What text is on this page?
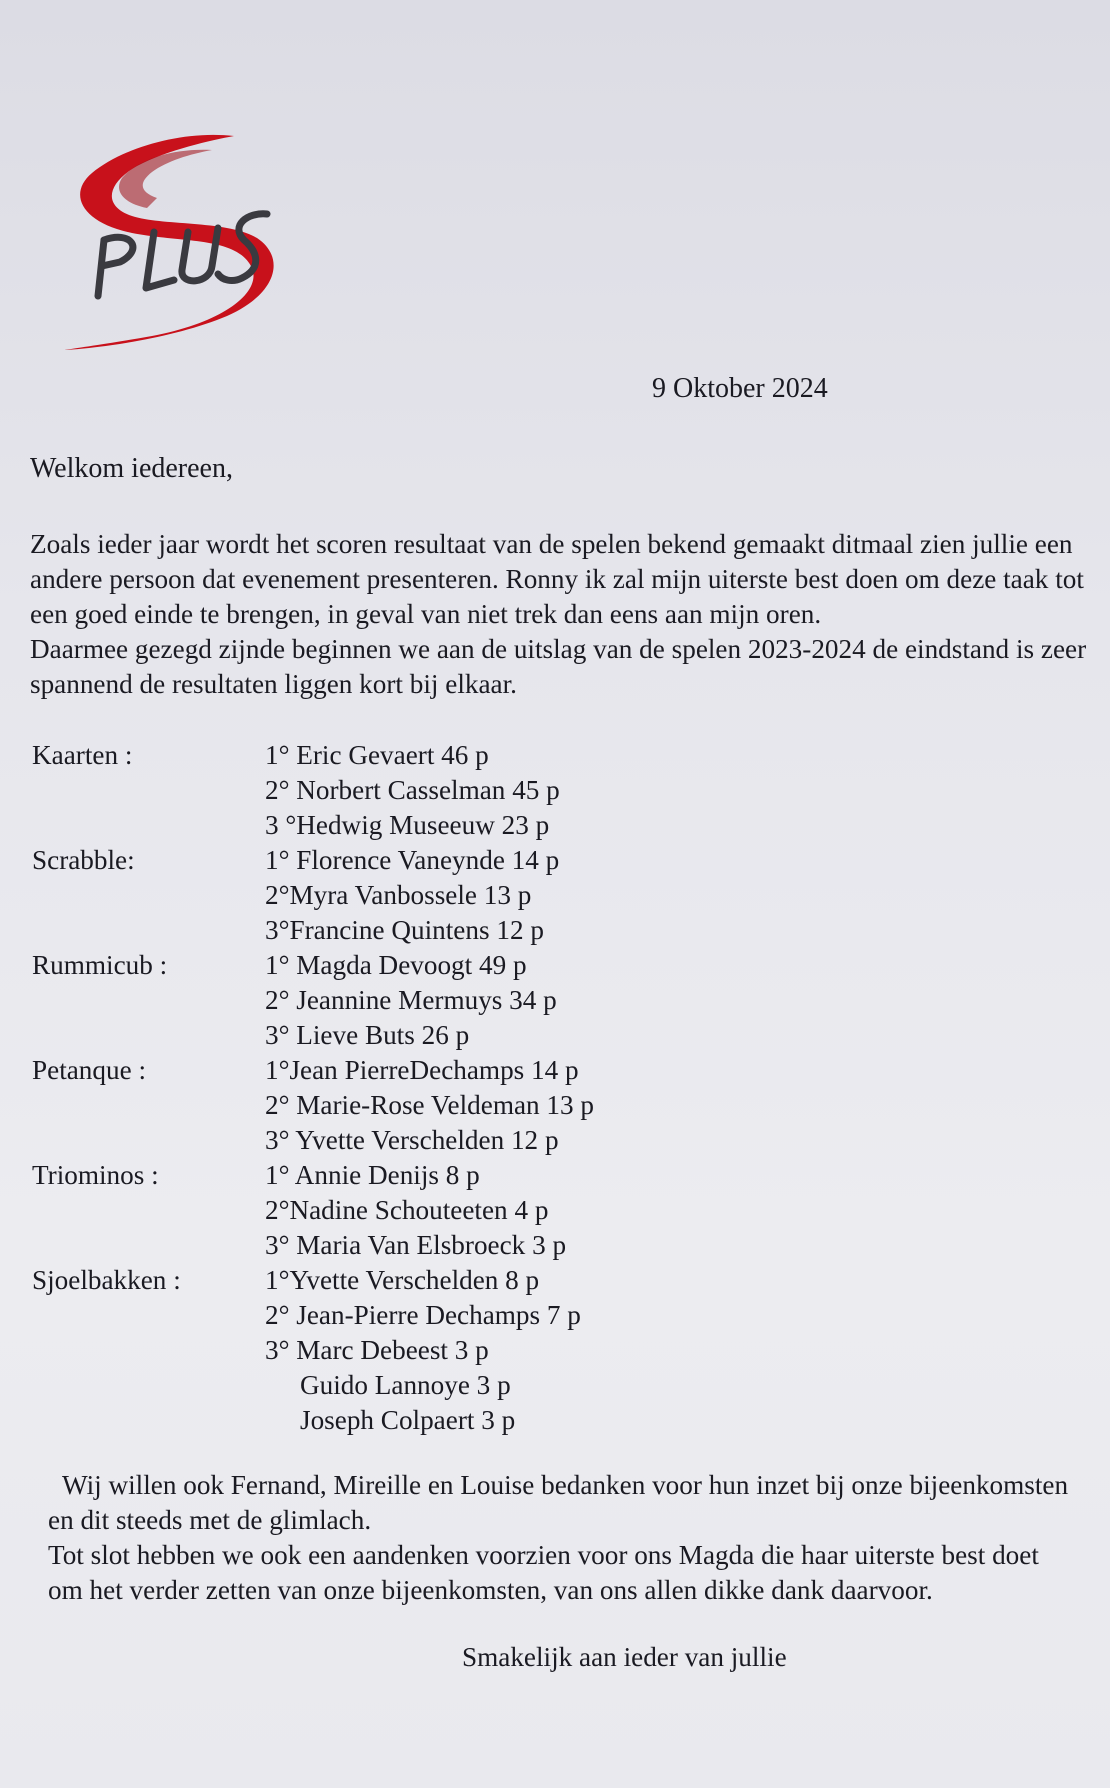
PLUS
9 Oktober 2024
Welkom iedereen,

Zoals ieder jaar wordt het scoren resultaat van de spelen bekend gemaakt ditmaal zien jullie een andere persoon dat evenement presenteren. Ronny ik zal mijn uiterste best doen om deze taak tot een goed einde te brengen, in geval van niet trek dan eens aan mijn oren.

Daarmee gezegd zijnde beginnen we aan de uitslag van de spelen 2023-2024 de eindstand is zeer spannend de resultaten liggen kort bij elkaar.

Kaarten :	1° Eric Gevaert 46 p
2° Norbert Casselman 45 p
3 °Hedwig Museeuw 23 p
Scrabble:	1° Florence Vaneynde 14 p
2°Myra Vanbossele 13 p
3°Francine Quintens 12 p
Rummicub :	1° Magda Devoogt 49 p
2° Jeannine Mermuys 34 p
3° Lieve Buts 26 p
Petanque :	1°Jean PierreDechamps 14 p
2° Marie-Rose Veldeman 13 p
3° Yvette Verschelden 12 p
Triominos :	1° Annie Denijs 8 p
2°Nadine Schouteeten 4 p
3° Maria Van Elsbroeck 3 p
Sjoelbakken :	1°Yvette Verschelden 8 p
2° Jean-Pierre Dechamps 7 p
3° Marc Debeest 3 p
Guido Lannoye 3 p
Joseph Colpaert 3 p

Wij willen ook Fernand, Mireille en Louise bedanken voor hun inzet bij onze bijeenkomsten en dit steeds met de glimlach.

Tot slot hebben we ook een aandenken voorzien voor ons Magda die haar uiterste best doet om het verder zetten van onze bijeenkomsten, van ons allen dikke dank daarvoor.

Smakelijk aan ieder van jullie
